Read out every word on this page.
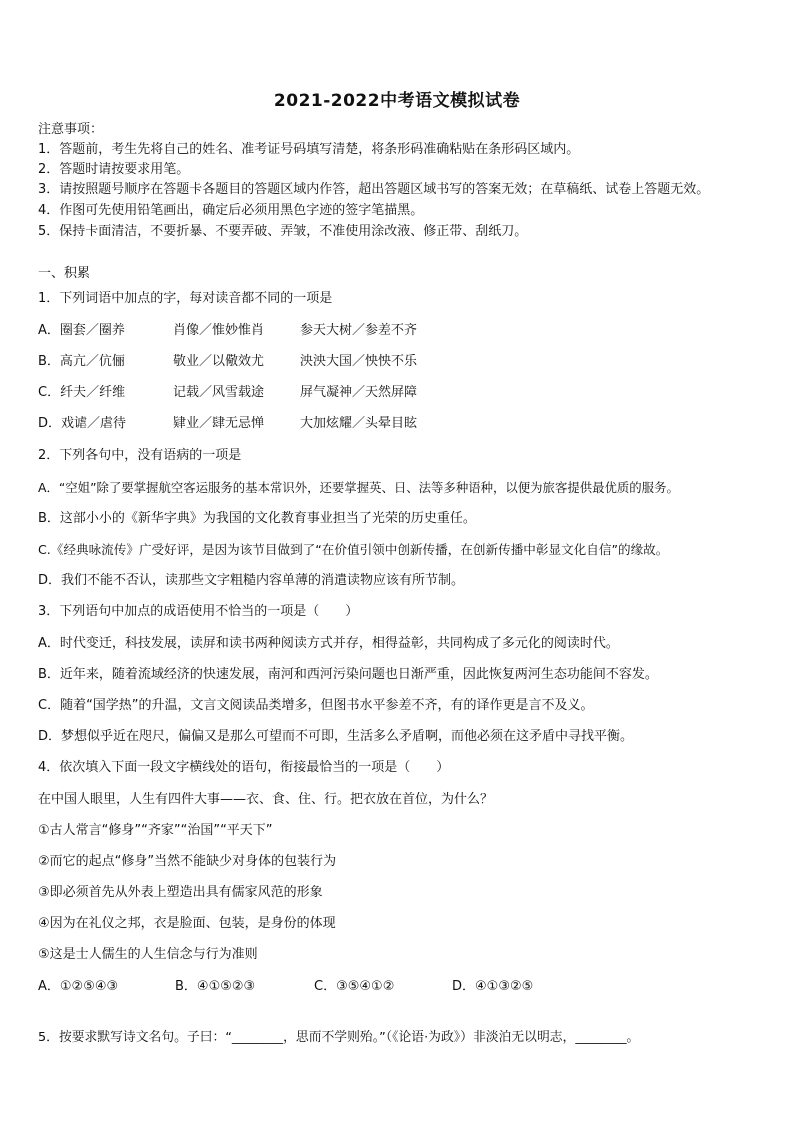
2021-2022中考语文模拟试卷
注意事项：
1．答题前，考生先将自己的姓名、准考证号码填写清楚，将条形码准确粘贴在条形码区域内。
2．答题时请按要求用笔。
3．请按照题号顺序在答题卡各题目的答题区域内作答，超出答题区域书写的答案无效；在草稿纸、试卷上答题无效。
4．作图可先使用铅笔画出，确定后必须用黑色字迹的签字笔描黑。
5．保持卡面清洁，不要折暴、不要弄破、弄皱，不准使用涂改液、修正带、刮纸刀。
一、积累
1．下列词语中加点的字，每对读音都不同的一项是
A．圈套／圈养	肖像／惟妙惟肖	参天大树／参差不齐
B．高亢／伉俪	敬业／以儆效尤	泱泱大国／怏怏不乐
C．纤夫／纤维	记载／风雪载途	屏气凝神／天然屏障
D．戏谑／虐待	肄业／肆无忌惮	大加炫耀／头晕目眩
2．下列各句中，没有语病的一项是
A．“空姐”除了要掌握航空客运服务的基本常识外，还要掌握英、日、法等多种语种，以便为旅客提供最优质的服务。
B．这部小小的《新华字典》为我国的文化教育事业担当了光荣的历史重任。
C.《经典咏流传》广受好评，是因为该节目做到了“在价值引领中创新传播，在创新传播中彰显文化自信”的缘故。
D．我们不能不否认，读那些文字粗糙内容单薄的消遣读物应该有所节制。
3．下列语句中加点的成语使用不恰当的一项是（　　）
A．时代变迁，科技发展，读屏和读书两种阅读方式并存，相得益彰，共同构成了多元化的阅读时代。
B．近年来，随着流域经济的快速发展，南河和西河污染问题也日渐严重，因此恢复两河生态功能间不容发。
C．随着“国学热”的升温，文言文阅读品类增多，但图书水平参差不齐，有的译作更是言不及义。
D．梦想似乎近在咫尺，偏偏又是那么可望而不可即，生活多么矛盾啊，而他必须在这矛盾中寻找平衡。
4．依次填入下面一段文字横线处的语句，衔接最恰当的一项是（　　）
在中国人眼里，人生有四件大事——衣、食、住、行。把衣放在首位，为什么？
①古人常言“修身”“齐家”“治国”“平天下”
②而它的起点“修身”当然不能缺少对身体的包装行为
③即必须首先从外表上塑造出具有儒家风范的形象
④因为在礼仪之邦，衣是脸面、包装，是身份的体现
⑤这是士人儒生的人生信念与行为准则
A．①②⑤④③	B．④①⑤②③	C．③⑤④①②	D．④①③②⑤
5．按要求默写诗文名句。子曰：“________，思而不学则殆。”（《论语·为政》）非淡泊无以明志，________。
